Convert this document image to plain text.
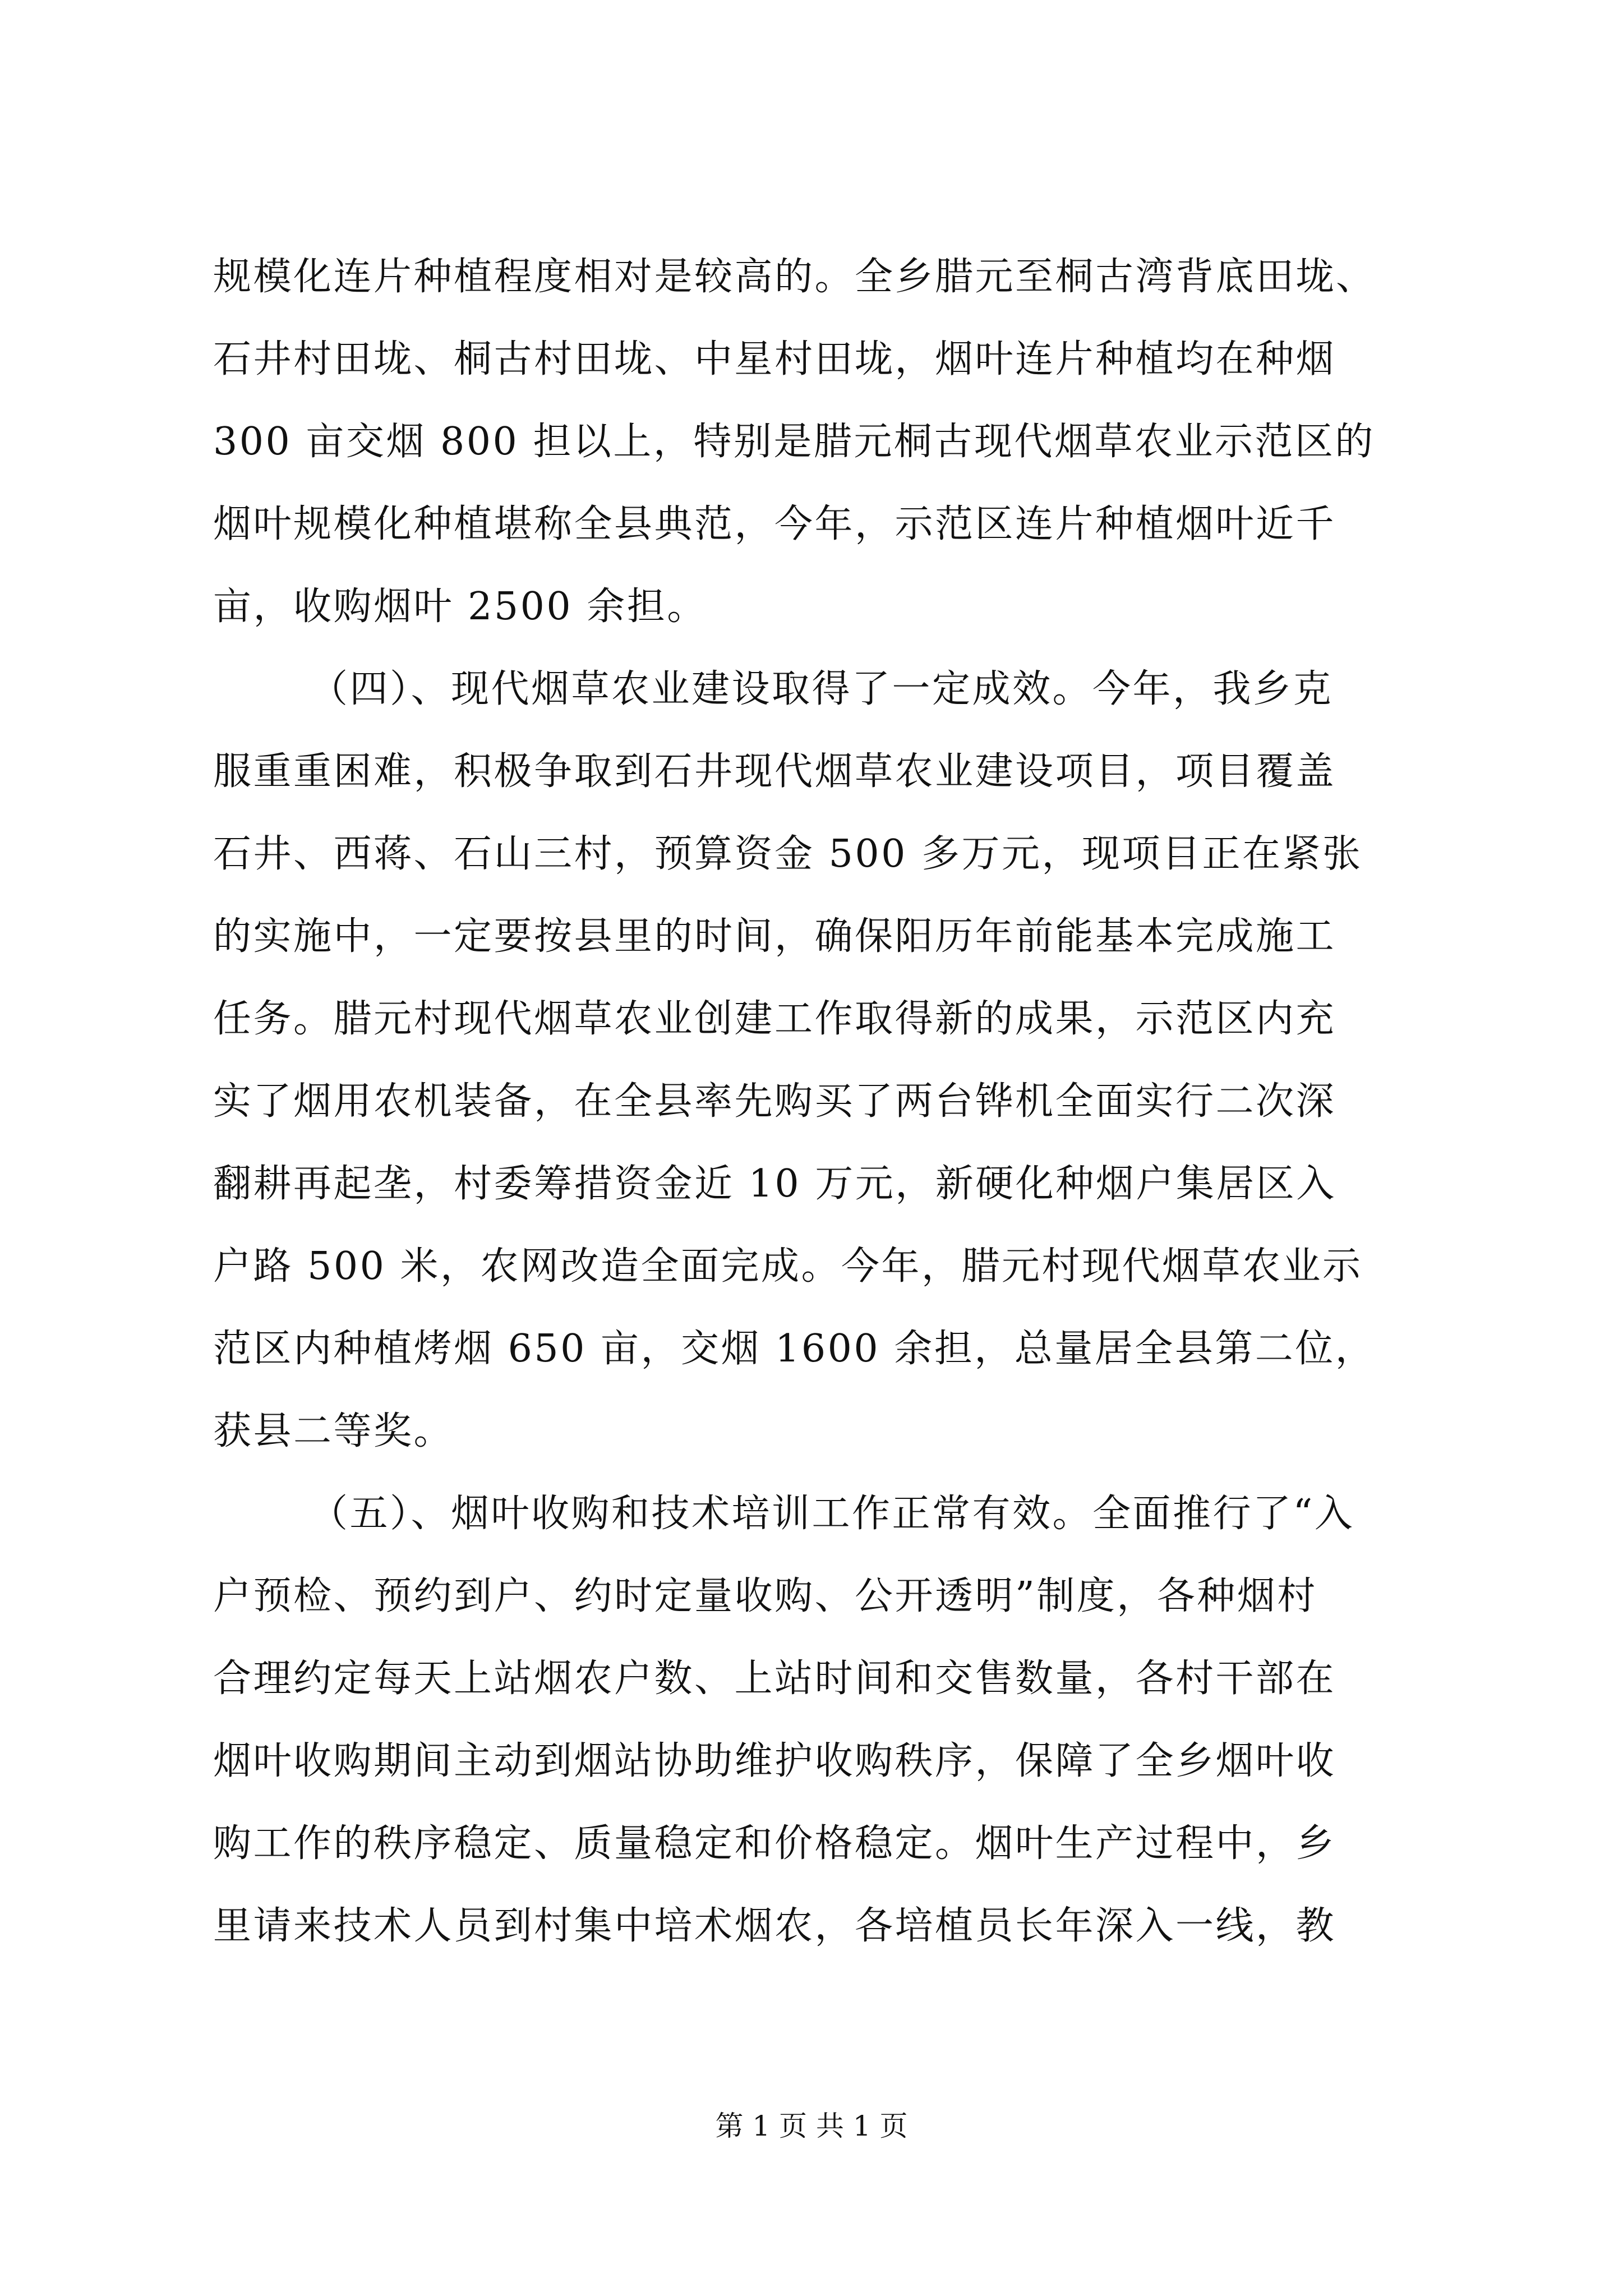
规模化连片种植程度相对是较高的。全乡腊元至桐古湾背底田垅、
石井村田垅、桐古村田垅、中星村田垅，烟叶连片种植均在种烟
300 亩交烟 800 担以上，特别是腊元桐古现代烟草农业示范区的
烟叶规模化种植堪称全县典范，今年，示范区连片种植烟叶近千
亩，收购烟叶 2500 余担。
（四）、现代烟草农业建设取得了一定成效。今年，我乡克
服重重困难，积极争取到石井现代烟草农业建设项目，项目覆盖
石井、西蒋、石山三村，预算资金 500 多万元，现项目正在紧张
的实施中，一定要按县里的时间，确保阳历年前能基本完成施工
任务。腊元村现代烟草农业创建工作取得新的成果，示范区内充
实了烟用农机装备，在全县率先购买了两台铧机全面实行二次深
翻耕再起垄，村委筹措资金近 10 万元，新硬化种烟户集居区入
户路 500 米，农网改造全面完成。今年，腊元村现代烟草农业示
范区内种植烤烟 650 亩，交烟 1600 余担，总量居全县第二位，
获县二等奖。
（五）、烟叶收购和技术培训工作正常有效。全面推行了“入
户预检、预约到户、约时定量收购、公开透明”制度，各种烟村
合理约定每天上站烟农户数、上站时间和交售数量，各村干部在
烟叶收购期间主动到烟站协助维护收购秩序，保障了全乡烟叶收
购工作的秩序稳定、质量稳定和价格稳定。烟叶生产过程中，乡
里请来技术人员到村集中培术烟农，各培植员长年深入一线，教
第 1 页 共 1 页
